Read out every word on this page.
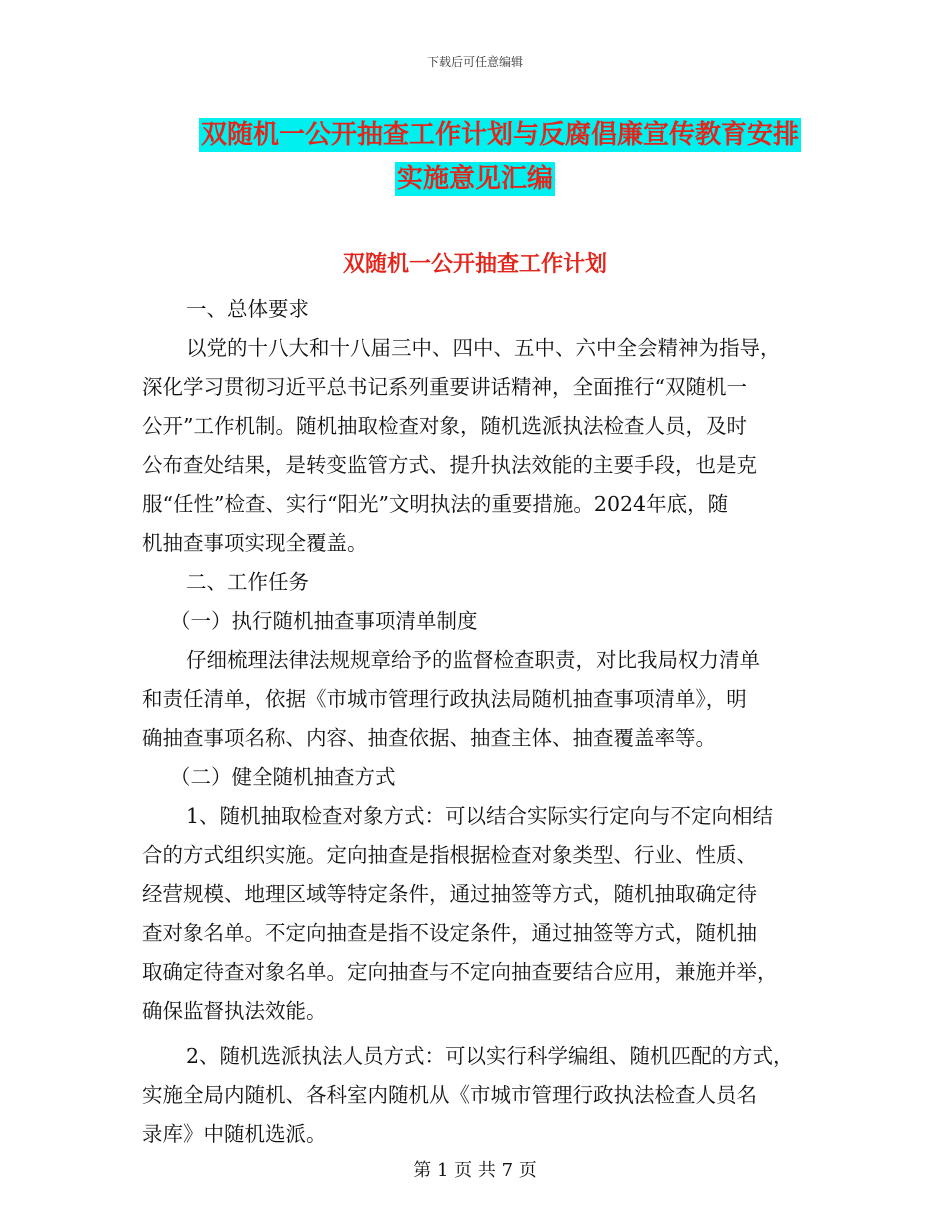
下载后可任意编辑
双随机一公开抽查工作计划与反腐倡廉宣传教育安排
实施意见汇编
双随机一公开抽查工作计划
一、总体要求
以党的十八大和十八届三中、四中、五中、六中全会精神为指导，
深化学习贯彻习近平总书记系列重要讲话精神，全面推行“双随机一
公开”工作机制。随机抽取检查对象，随机选派执法检查人员，及时
公布查处结果，是转变监管方式、提升执法效能的主要手段，也是克
服“任性”检查、实行“阳光”文明执法的重要措施。2024年底，随
机抽查事项实现全覆盖。
二、工作任务
（一）执行随机抽查事项清单制度
仔细梳理法律法规规章给予的监督检查职责，对比我局权力清单
和责任清单，依据《市城市管理行政执法局随机抽查事项清单》，明
确抽查事项名称、内容、抽查依据、抽查主体、抽查覆盖率等。
（二）健全随机抽查方式
1、随机抽取检查对象方式：可以结合实际实行定向与不定向相结
合的方式组织实施。定向抽查是指根据检查对象类型、行业、性质、
经营规模、地理区域等特定条件，通过抽签等方式，随机抽取确定待
查对象名单。不定向抽查是指不设定条件，通过抽签等方式，随机抽
取确定待查对象名单。定向抽查与不定向抽查要结合应用，兼施并举，
确保监督执法效能。
2、随机选派执法人员方式：可以实行科学编组、随机匹配的方式，
实施全局内随机、各科室内随机从《市城市管理行政执法检查人员名
录库》中随机选派。
第 1 页 共 7 页
